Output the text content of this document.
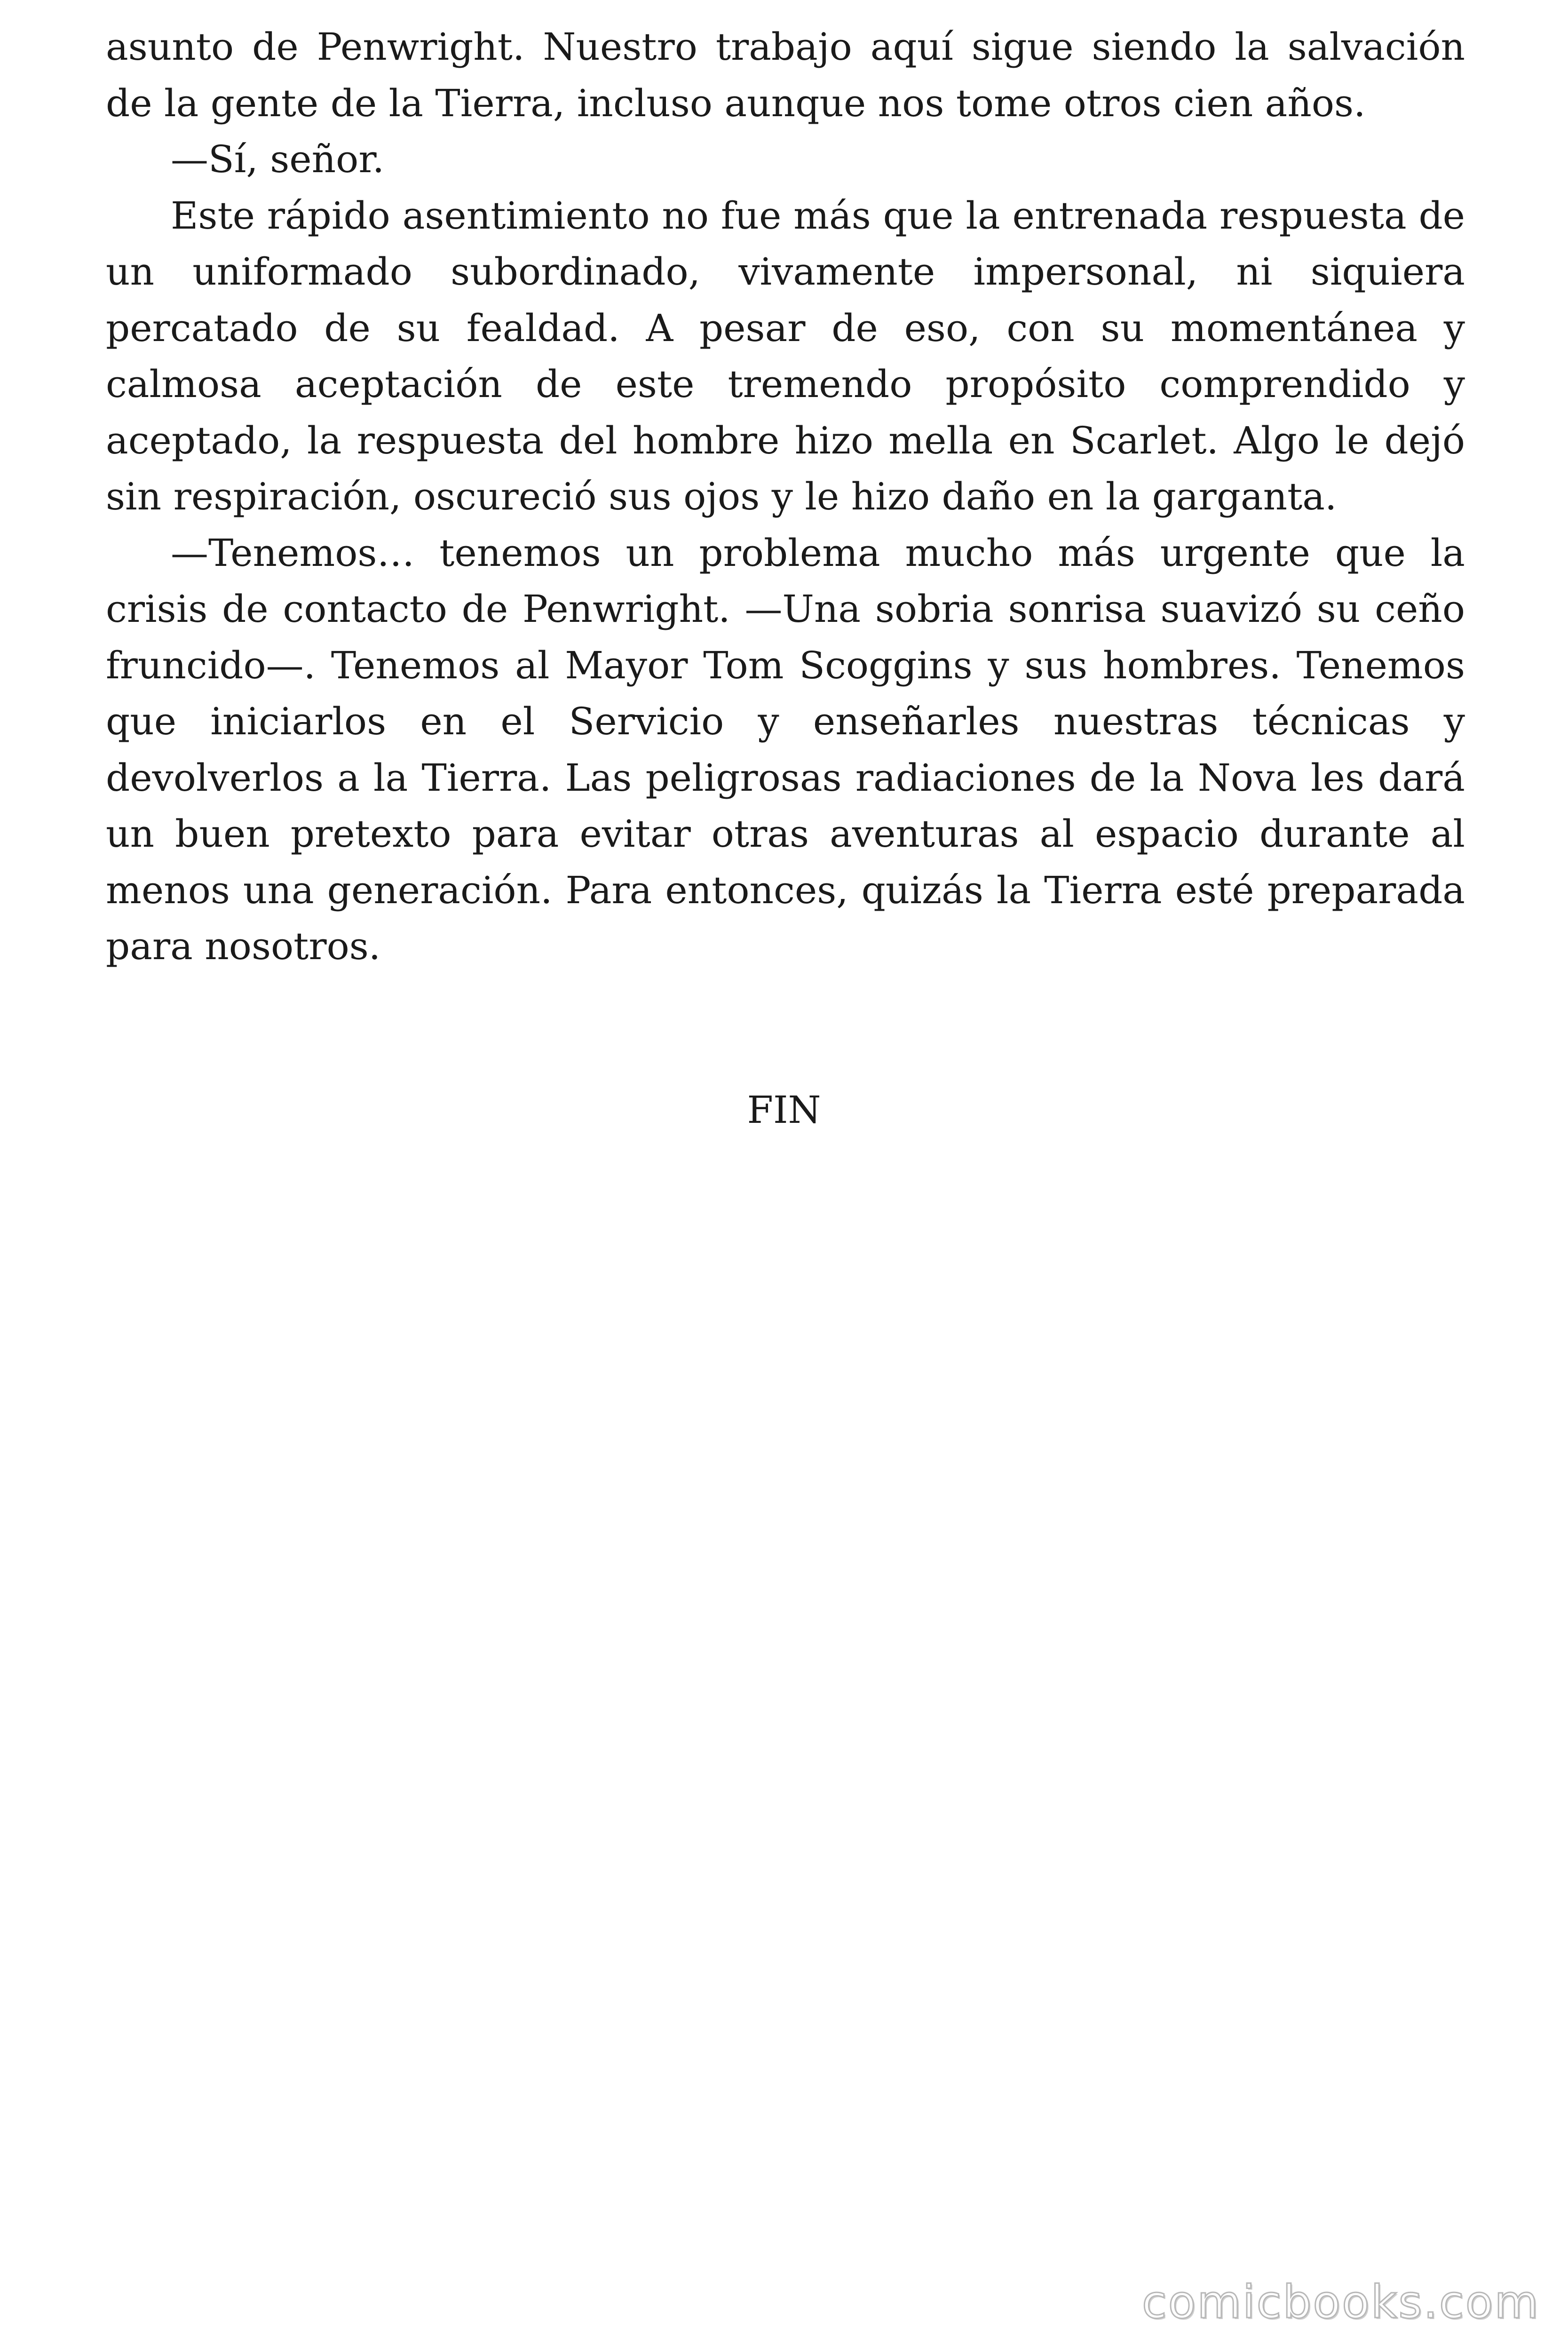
asunto de Penwright. Nuestro trabajo aquí sigue siendo la salvación de la gente de la Tierra, incluso aunque nos tome otros cien años.

—Sí, señor.

Este rápido asentimiento no fue más que la entrenada respuesta de un uniformado subordinado, vivamente impersonal, ni siquiera percatado de su fealdad. A pesar de eso, con su momentánea y calmosa aceptación de este tremendo propósito comprendido y aceptado, la respuesta del hombre hizo mella en Scarlet. Algo le dejó sin respiración, oscureció sus ojos y le hizo daño en la garganta.

—Tenemos… tenemos un problema mucho más urgente que la crisis de contacto de Penwright. —Una sobria sonrisa suavizó su ceño fruncido—. Tenemos al Mayor Tom Scoggins y sus hombres. Tenemos que iniciarlos en el Servicio y enseñarles nuestras técnicas y devolverlos a la Tierra. Las peligrosas radiaciones de la Nova les dará un buen pretexto para evitar otras aventuras al espacio durante al menos una generación. Para entonces, quizás la Tierra esté preparada para nosotros.

FIN

comicbooks.com
